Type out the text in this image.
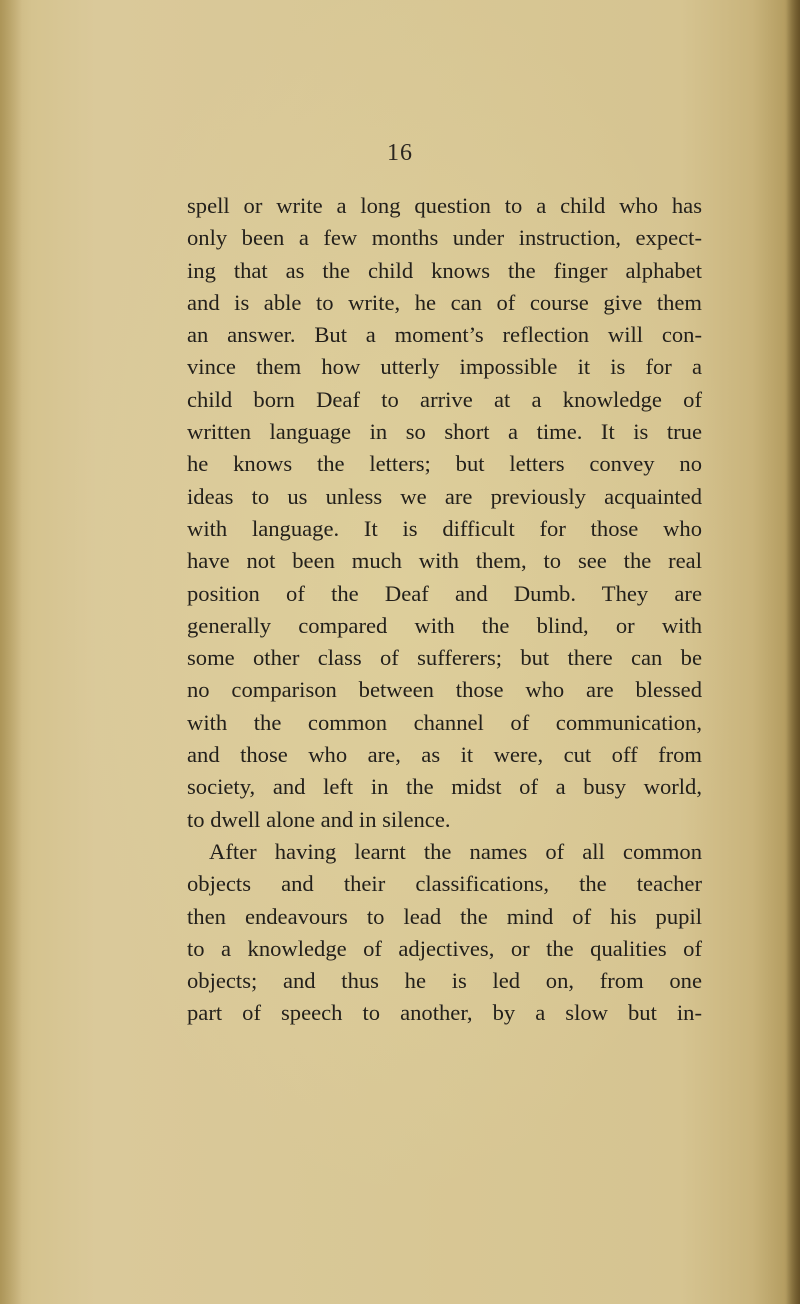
16
spell or write a long question to a child who has
only been a few months under instruction, expect-
ing that as the child knows the finger alphabet
and is able to write, he can of course give them
an answer. But a moment’s reflection will con-
vince them how utterly impossible it is for a
child born Deaf to arrive at a knowledge of
written language in so short a time. It is true
he knows the letters; but letters convey no
ideas to us unless we are previously acquainted
with language. It is difficult for those who
have not been much with them, to see the real
position of the Deaf and Dumb. They are
generally compared with the blind, or with
some other class of sufferers; but there can be
no comparison between those who are blessed
with the common channel of communication,
and those who are, as it were, cut off from
society, and left in the midst of a busy world,
to dwell alone and in silence.
After having learnt the names of all common
objects and their classifications, the teacher
then endeavours to lead the mind of his pupil
to a knowledge of adjectives, or the qualities of
objects; and thus he is led on, from one
part of speech to another, by a slow but in-
